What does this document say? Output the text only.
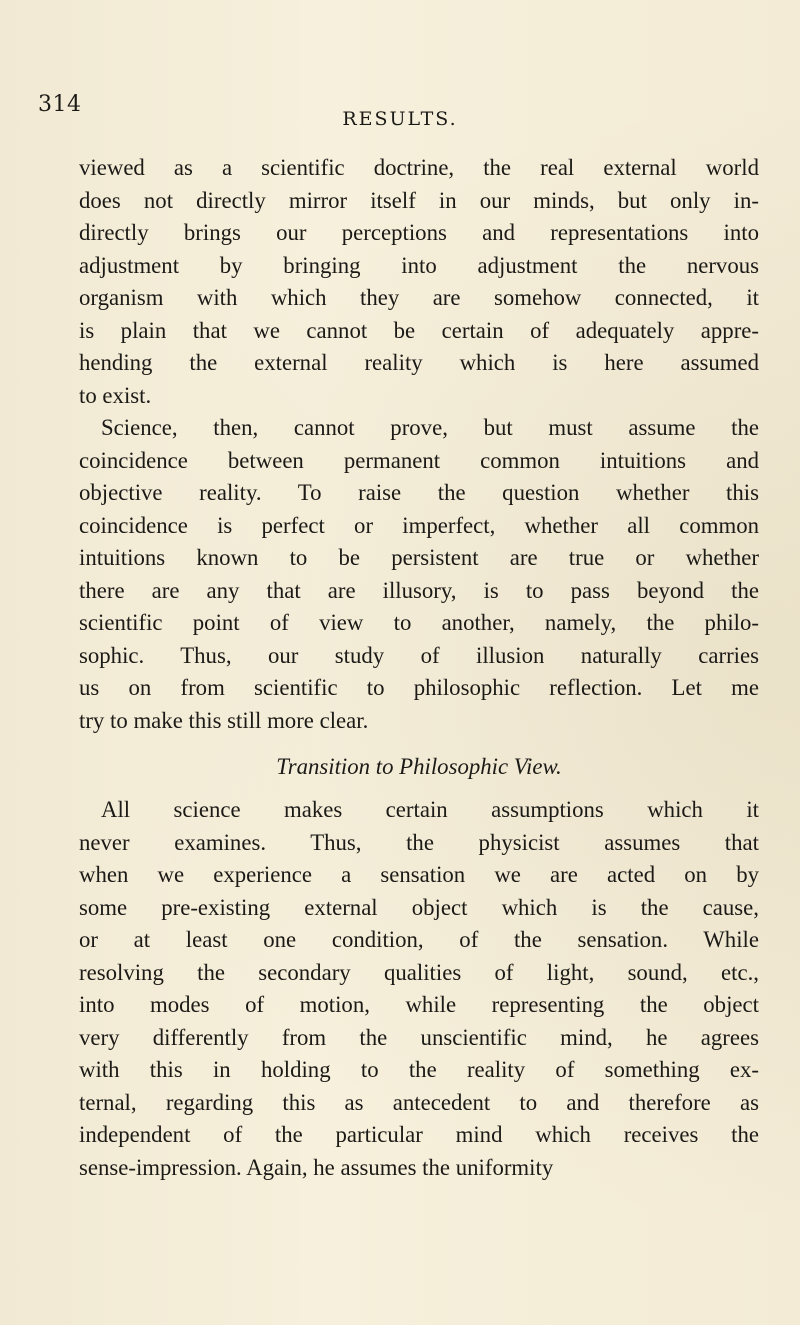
314
RESULTS.
viewed as a scientific doctrine, the real external world
does not directly mirror itself in our minds, but only in-
directly brings our perceptions and representations into
adjustment by bringing into adjustment the nervous
organism with which they are somehow connected, it
is plain that we cannot be certain of adequately appre-
hending the external reality which is here assumed
to exist.
Science, then, cannot prove, but must assume the
coincidence between permanent common intuitions and
objective reality. To raise the question whether this
coincidence is perfect or imperfect, whether all common
intuitions known to be persistent are true or whether
there are any that are illusory, is to pass beyond the
scientific point of view to another, namely, the philo-
sophic. Thus, our study of illusion naturally carries
us on from scientific to philosophic reflection. Let me
try to make this still more clear.
Transition to Philosophic View.
All science makes certain assumptions which it
never examines. Thus, the physicist assumes that
when we experience a sensation we are acted on by
some pre-existing external object which is the cause,
or at least one condition, of the sensation. While
resolving the secondary qualities of light, sound, etc.,
into modes of motion, while representing the object
very differently from the unscientific mind, he agrees
with this in holding to the reality of something ex-
ternal, regarding this as antecedent to and therefore as
independent of the particular mind which receives the
sense-impression. Again, he assumes the uniformity
